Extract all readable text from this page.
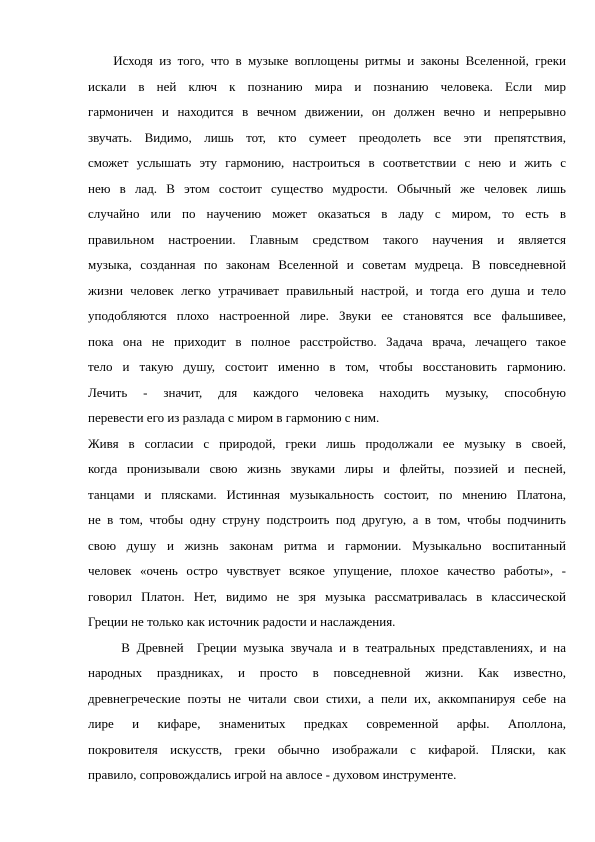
Исходя из того, что в музыке воплощены ритмы и законы Вселенной, греки
искали в ней ключ к познанию мира и познанию человека. Если мир
гармоничен и находится в вечном движении, он должен вечно и непрерывно
звучать. Видимо, лишь тот, кто сумеет преодолеть все эти препятствия,
сможет услышать эту гармонию, настроиться в соответствии с нею и жить с
нею в лад. В этом состоит существо мудрости. Обычный же человек лишь
случайно или по научению может оказаться в ладу с миром, то есть в
правильном настроении. Главным средством такого научения и является
музыка, созданная по законам Вселенной и советам мудреца. В повседневной
жизни человек легко утрачивает правильный настрой, и тогда его душа и тело
уподобляются плохо настроенной лире. Звуки ее становятся все фальшивее,
пока она не приходит в полное расстройство. Задача врача, лечащего такое
тело и такую душу, состоит именно в том, чтобы восстановить гармонию.
Лечить - значит, для каждого человека находить музыку, способную
перевести его из разлада с миром в гармонию с ним.
Живя в согласии с природой, греки лишь продолжали ее музыку в своей,
когда пронизывали свою жизнь звуками лиры и флейты, поэзией и песней,
танцами и плясками. Истинная музыкальность состоит, по мнению Платона,
не в том, чтобы одну струну подстроить под другую, а в том, чтобы подчинить
свою душу и жизнь законам ритма и гармонии. Музыкально воспитанный
человек «очень остро чувствует всякое упущение, плохое качество работы», -
говорил Платон. Нет, видимо не зря музыка рассматривалась в классической
Греции не только как источник радости и наслаждения.
В Древней  Греции музыка звучала и в театральных представлениях, и на
народных праздниках, и просто в повседневной жизни. Как известно,
древнегреческие поэты не читали свои стихи, а пели их, аккомпанируя себе на
лире и кифаре, знаменитых предках современной арфы. Аполлона,
покровителя искусств, греки обычно изображали с кифарой. Пляски, как
правило, сопровождались игрой на авлосе - духовом инструменте.
